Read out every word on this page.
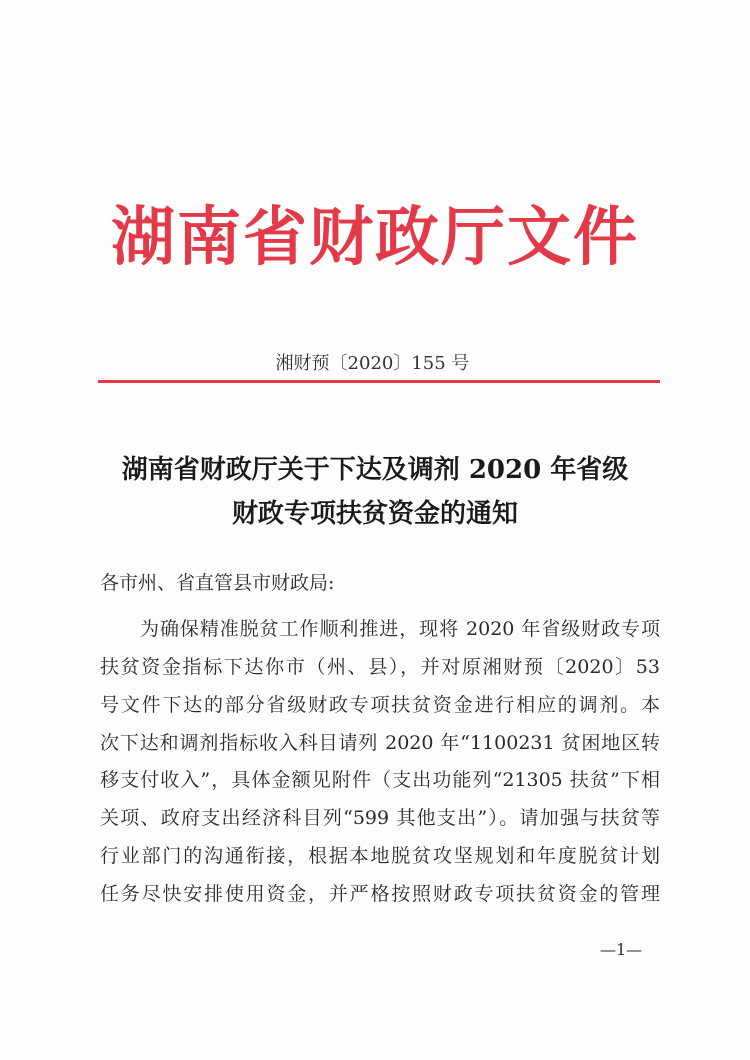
湖南省财政厅文件
湘财预〔2020〕155 号
湖南省财政厅关于下达及调剂 2020 年省级
财政专项扶贫资金的通知
各市州、省直管县市财政局:
为确保精准脱贫工作顺利推进，现将 2020 年省级财政专项
扶贫资金指标下达你市（州、县），并对原湘财预〔2020〕53
号文件下达的部分省级财政专项扶贫资金进行相应的调剂。本
次下达和调剂指标收入科目请列 2020 年“1100231 贫困地区转
移支付收入”，具体金额见附件（支出功能列“21305 扶贫”下相
关项、政府支出经济科目列“599 其他支出”）。请加强与扶贫等
行业部门的沟通衔接，根据本地脱贫攻坚规划和年度脱贫计划
任务尽快安排使用资金，并严格按照财政专项扶贫资金的管理
—1—
